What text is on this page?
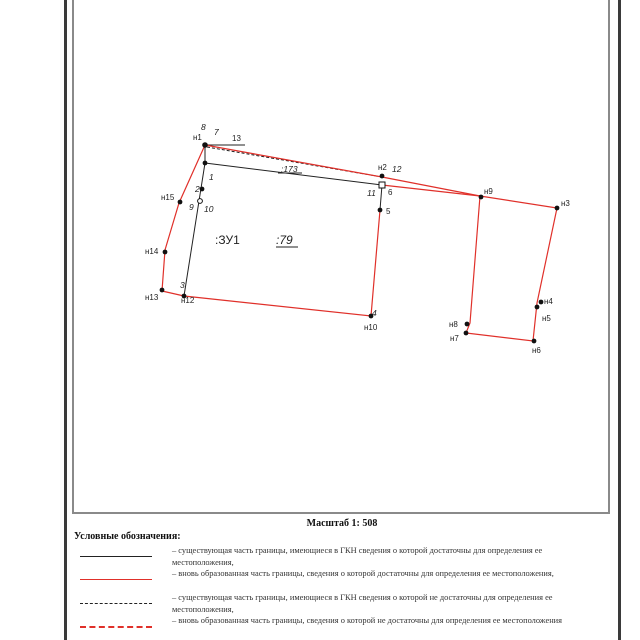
8
н1
7
13
1
2
9 10
н15
н14
н13
3
н12
4
н10
н2 12
11 6
5
н9
н3
н4
н5
н6
н7
н8
:ЗУ1	:79
:173
Масштаб 1: 508
Условные обозначения:
– существующая часть границы, имеющиеся в ГКН сведения о которой достаточны для определения ее местоположения,
– вновь образованная часть границы, сведения о которой достаточны для определения ее местоположения,
– существующая часть границы, имеющиеся в ГКН сведения о которой не достаточны для определения ее местоположения,
– вновь образованная часть границы, сведения о которой не достаточны для определения ее местоположения
